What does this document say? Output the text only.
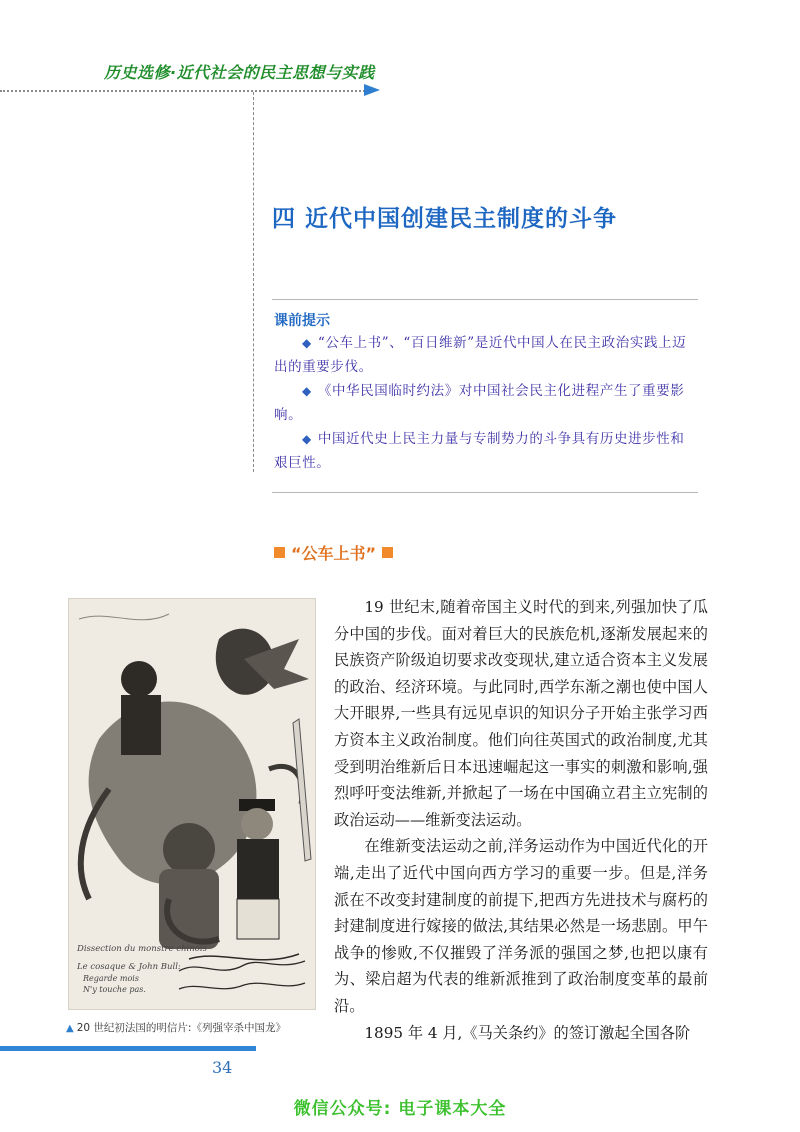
历史选修·近代社会的民主思想与实践
四 近代中国创建民主制度的斗争
课前提示

◆ “公车上书”、“百日维新”是近代中国人在民主政治实践上迈出的重要步伐。

◆ 《中华民国临时约法》对中国社会民主化进程产生了重要影响。

◆ 中国近代史上民主力量与专制势力的斗争具有历史进步性和艰巨性。

“公车上书”
Dissection du monstre chinois
Le cosaque & John Bull:
Regarde mois
N'y touche pas.
▲ 20 世纪初法国的明信片:《列强宰杀中国龙》

19 世纪末,随着帝国主义时代的到来,列强加快了瓜分中国的步伐。面对着巨大的民族危机,逐渐发展起来的民族资产阶级迫切要求改变现状,建立适合资本主义发展的政治、经济环境。与此同时,西学东渐之潮也使中国人大开眼界,一些具有远见卓识的知识分子开始主张学习西方资本主义政治制度。他们向往英国式的政治制度,尤其受到明治维新后日本迅速崛起这一事实的刺激和影响,强烈呼吁变法维新,并掀起了一场在中国确立君主立宪制的政治运动——维新变法运动。

在维新变法运动之前,洋务运动作为中国近代化的开端,走出了近代中国向西方学习的重要一步。但是,洋务派在不改变封建制度的前提下,把西方先进技术与腐朽的封建制度进行嫁接的做法,其结果必然是一场悲剧。甲午战争的惨败,不仅摧毁了洋务派的强国之梦,也把以康有为、梁启超为代表的维新派推到了政治制度变革的最前沿。

1895 年 4 月,《马关条约》的签订激起全国各阶

34
微信公众号: 电子课本大全
